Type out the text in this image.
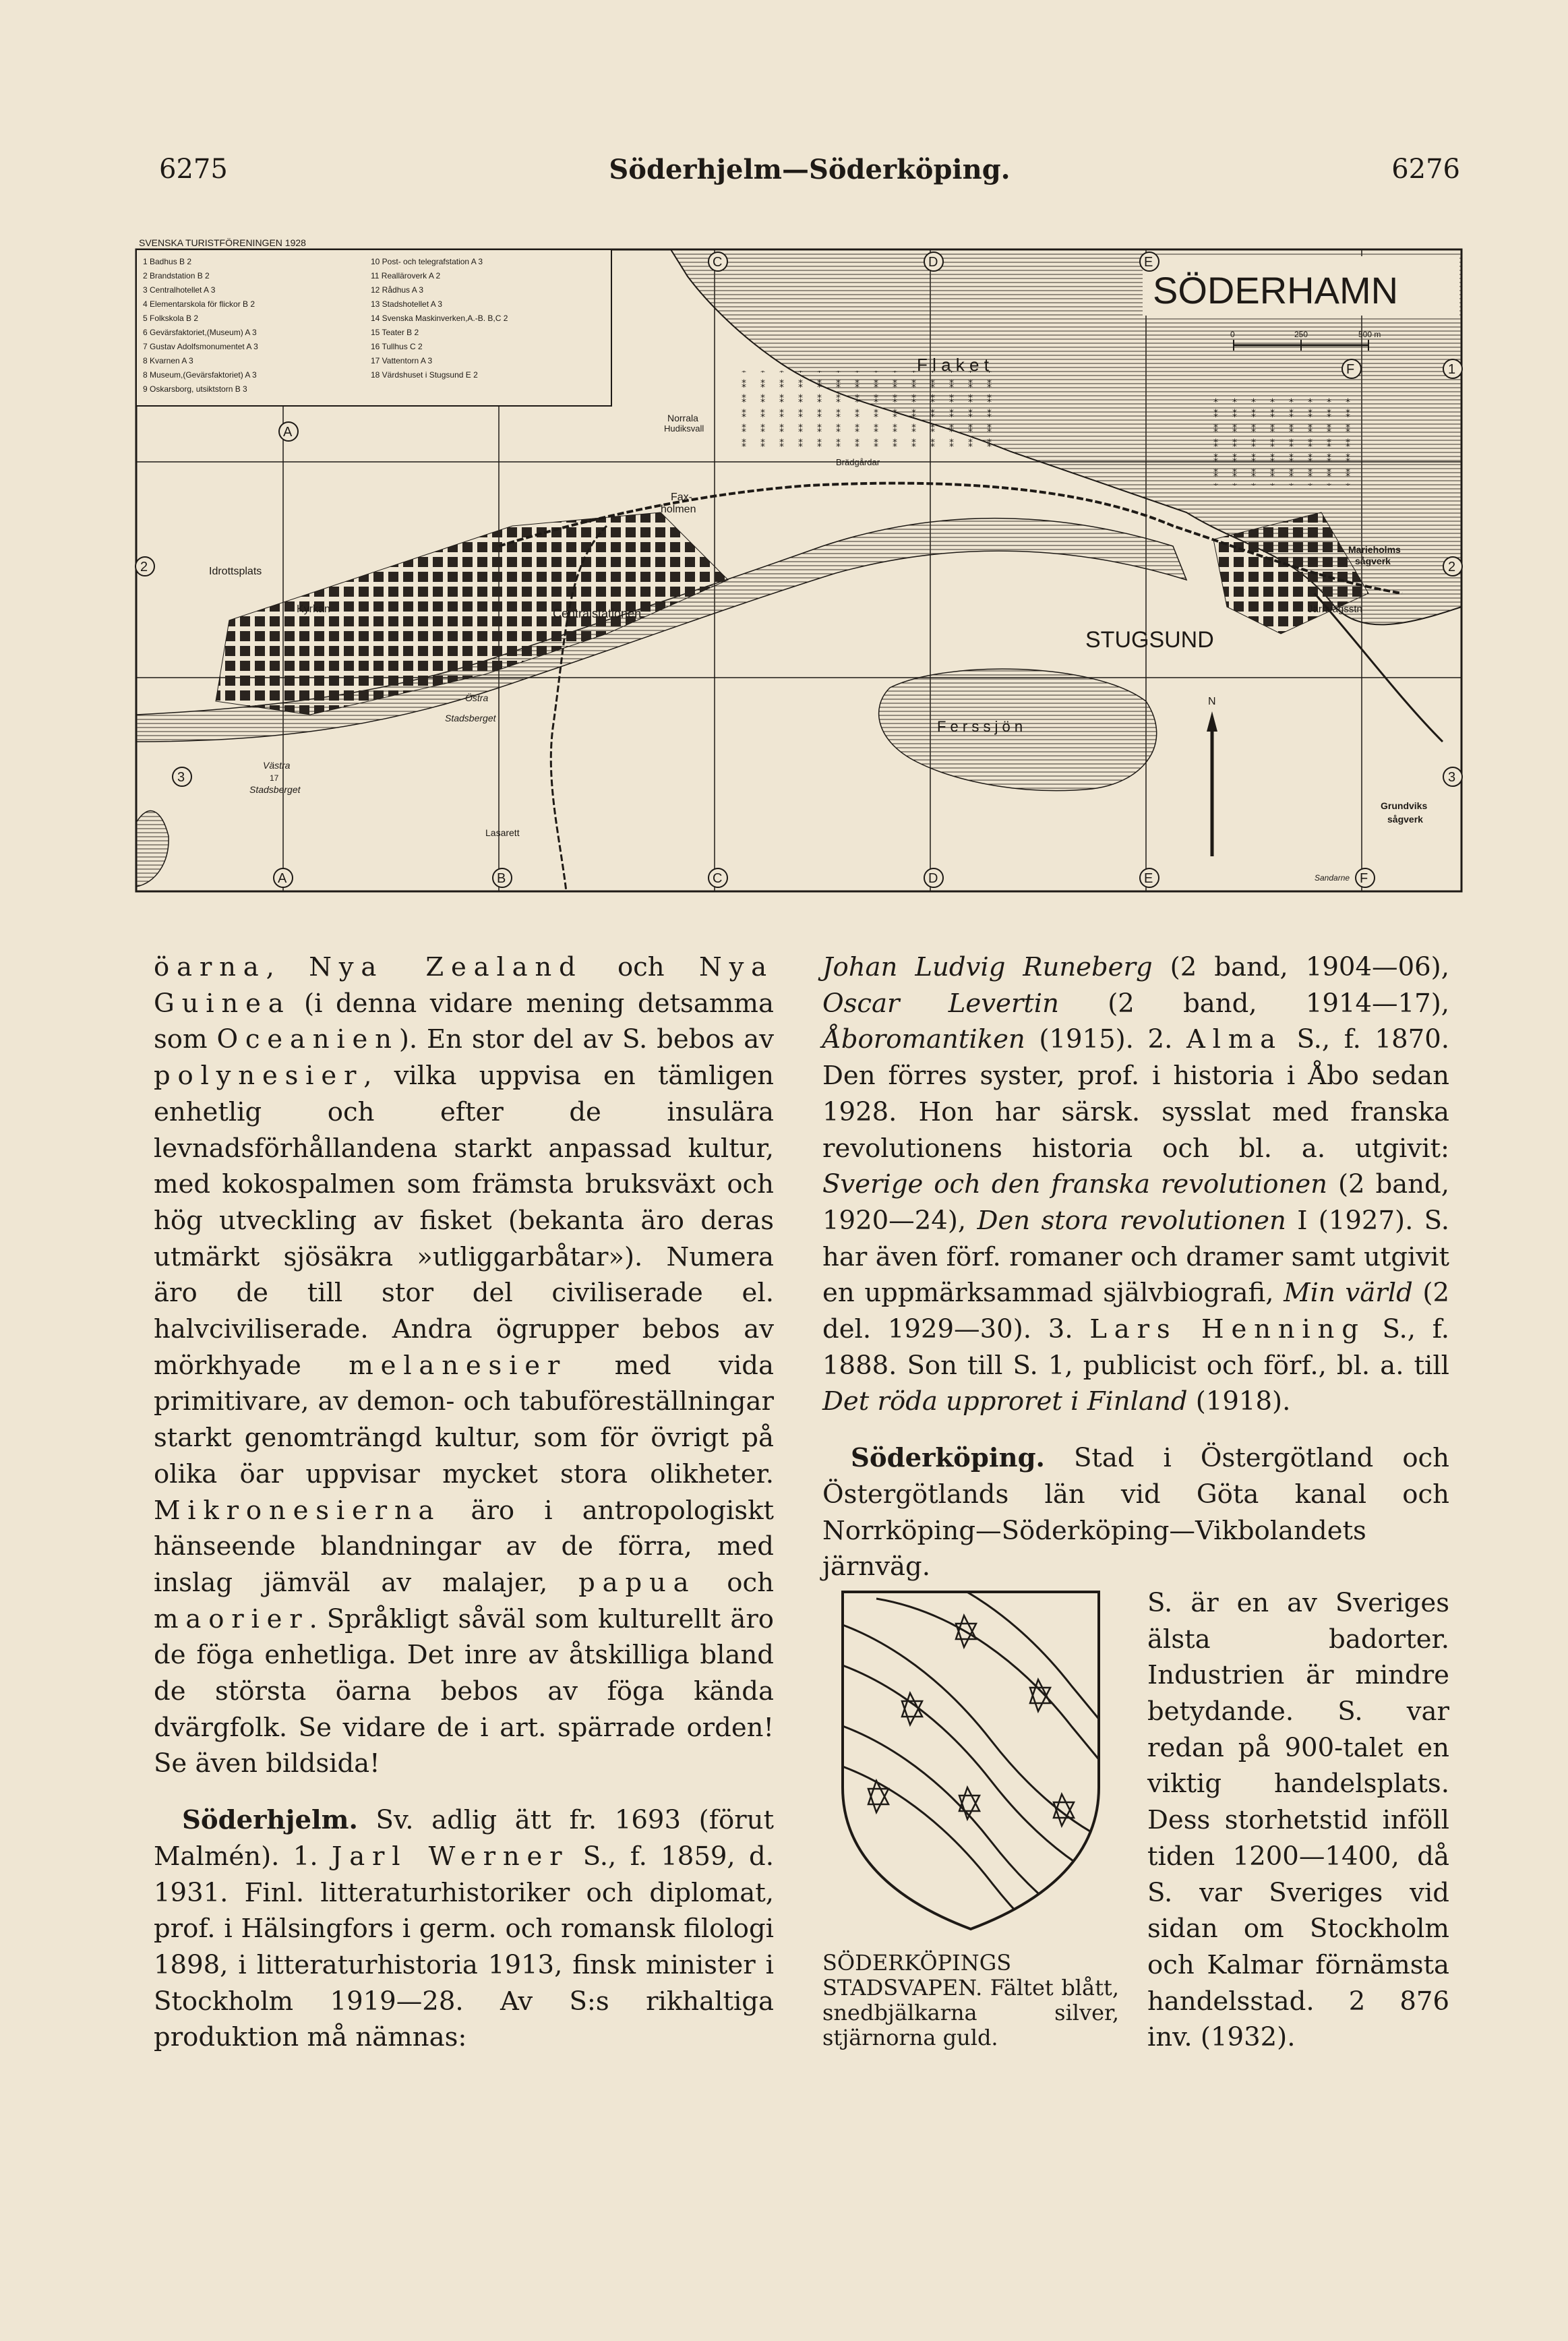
6275	Söderhjelm—Söderköping.	6276
SVENSKA TURISTFÖRENINGEN 1928
1 Badhus B 2
2 Brandstation B 2
3 Centralhotellet A 3
4 Elementarskola för flickor B 2
5 Folkskola B 2
6 Gevärsfaktoriet,(Museum) A 3
7 Gustav Adolfsmonumentet A 3
8 Kvarnen A 3
8 Museum,(Gevärsfaktoriet) A 3
9 Oskarsborg, utsiktstorn B 3
10 Post- och telegrafstation A 3
11 Realläroverk A 2
12 Rådhus A 3
13 Stadshotellet A 3
14 Svenska Maskinverken,A.-B. B,C 2
15 Teater B 2
16 Tullhus C 2
17 Vattentorn A 3
18 Värdshuset i Stugsund E 2
SÖDERHAMN
0	250	500 m
C	D	E
F
A
A	B	C	D	E	F
1
2	2
3	3
F l a k e t
Brädgårdar
Norrala
Hudiksvall
Fax-
holmen
Idrottsplats
Kyrkan	Centralstationen
F e r s s j ö n
Östra
Stadsberget
Västra
17
Stadsberget
Lasarett
Marieholms
sågverk
Järnvägsstn
STUGSUND
Grundviks
sågverk
Sandarne
N

öarna, Nya Zealand och Nya Guinea (i denna vidare mening detsamma som Oceanien). En stor del av S. bebos av polynesier, vilka uppvisa en tämligen enhetlig och efter de insulära levnadsförhållandena starkt anpassad kultur, med kokospalmen som främsta bruksväxt och hög utveckling av fisket (bekanta äro deras utmärkt sjösäkra »utliggarbåtar»). Numera äro de till stor del civiliserade el. halvciviliserade. Andra ögrupper bebos av mörkhyade melanesier med vida primitivare, av demon- och tabuföreställningar starkt genomträngd kultur, som för övrigt på olika öar uppvisar mycket stora olikheter. Mikronesierna äro i antropologiskt hänseende blandningar av de förra, med inslag jämväl av malajer, papua och maorier. Språkligt såväl som kulturellt äro de föga enhetliga. Det inre av åtskilliga bland de största öarna bebos av föga kända dvärgfolk. Se vidare de i art. spärrade orden! Se även bildsida!

Söderhjelm. Sv. adlig ätt fr. 1693 (förut Malmén). 1. Jarl Werner S., f. 1859, d. 1931. Finl. litteraturhistoriker och diplomat, prof. i Hälsingfors i germ. och romansk filologi 1898, i litteraturhistoria 1913, finsk minister i Stockholm 1919—28. Av S:s rikhaltiga produktion må nämnas:

Johan Ludvig Runeberg (2 band, 1904—06), Oscar Levertin (2 band, 1914—17), Åboromantiken (1915). 2. Alma S., f. 1870. Den förres syster, prof. i historia i Åbo sedan 1928. Hon har särsk. sysslat med franska revolutionens historia och bl. a. utgivit: Sverige och den franska revolutionen (2 band, 1920—24), Den stora revolutionen I (1927). S. har även förf. romaner och dramer samt utgivit en uppmärksammad självbiografi, Min värld (2 del. 1929—30). 3. Lars Henning S., f. 1888. Son till S. 1, publicist och förf., bl. a. till Det röda upproret i Finland (1918).

Söderköping. Stad i Östergötland och Östergötlands län vid Göta kanal och Norrköping—Söderköping—Vikbolandets järnväg.

SÖDERKÖPINGS STADSVAPEN. Fältet blått, snedbjälkarna silver, stjärnorna guld.

S. är en av Sveriges älsta badorter. Industrien är mindre betydande. S. var redan på 900-talet en viktig handelsplats. Dess storhetstid inföll tiden 1200—1400, då S. var Sveriges vid sidan om Stockholm och Kalmar förnämsta handelsstad. 2 876 inv. (1932).
